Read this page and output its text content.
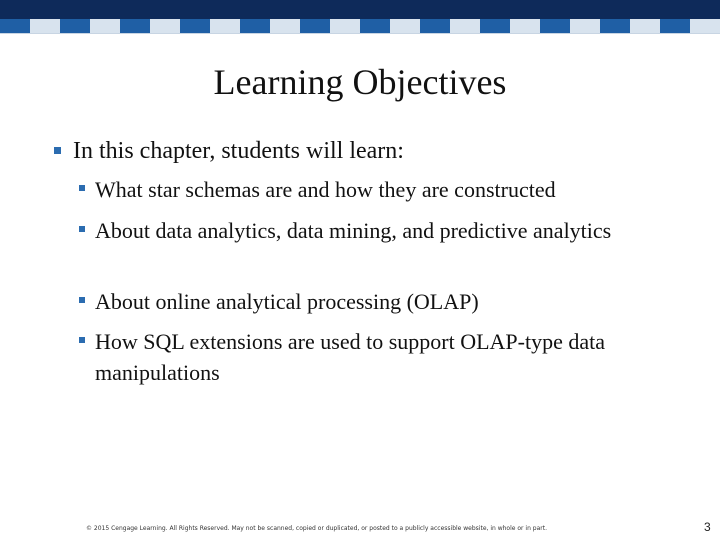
Learning Objectives
In this chapter, students will learn:
What star schemas are and how they are constructed
About data analytics, data mining, and predictive analytics
About online analytical processing (OLAP)
How SQL extensions are used to support OLAP-type data manipulations
© 2015 Cengage Learning. All Rights Reserved. May not be scanned, copied or duplicated, or posted to a publicly accessible website, in whole or in part.	3
